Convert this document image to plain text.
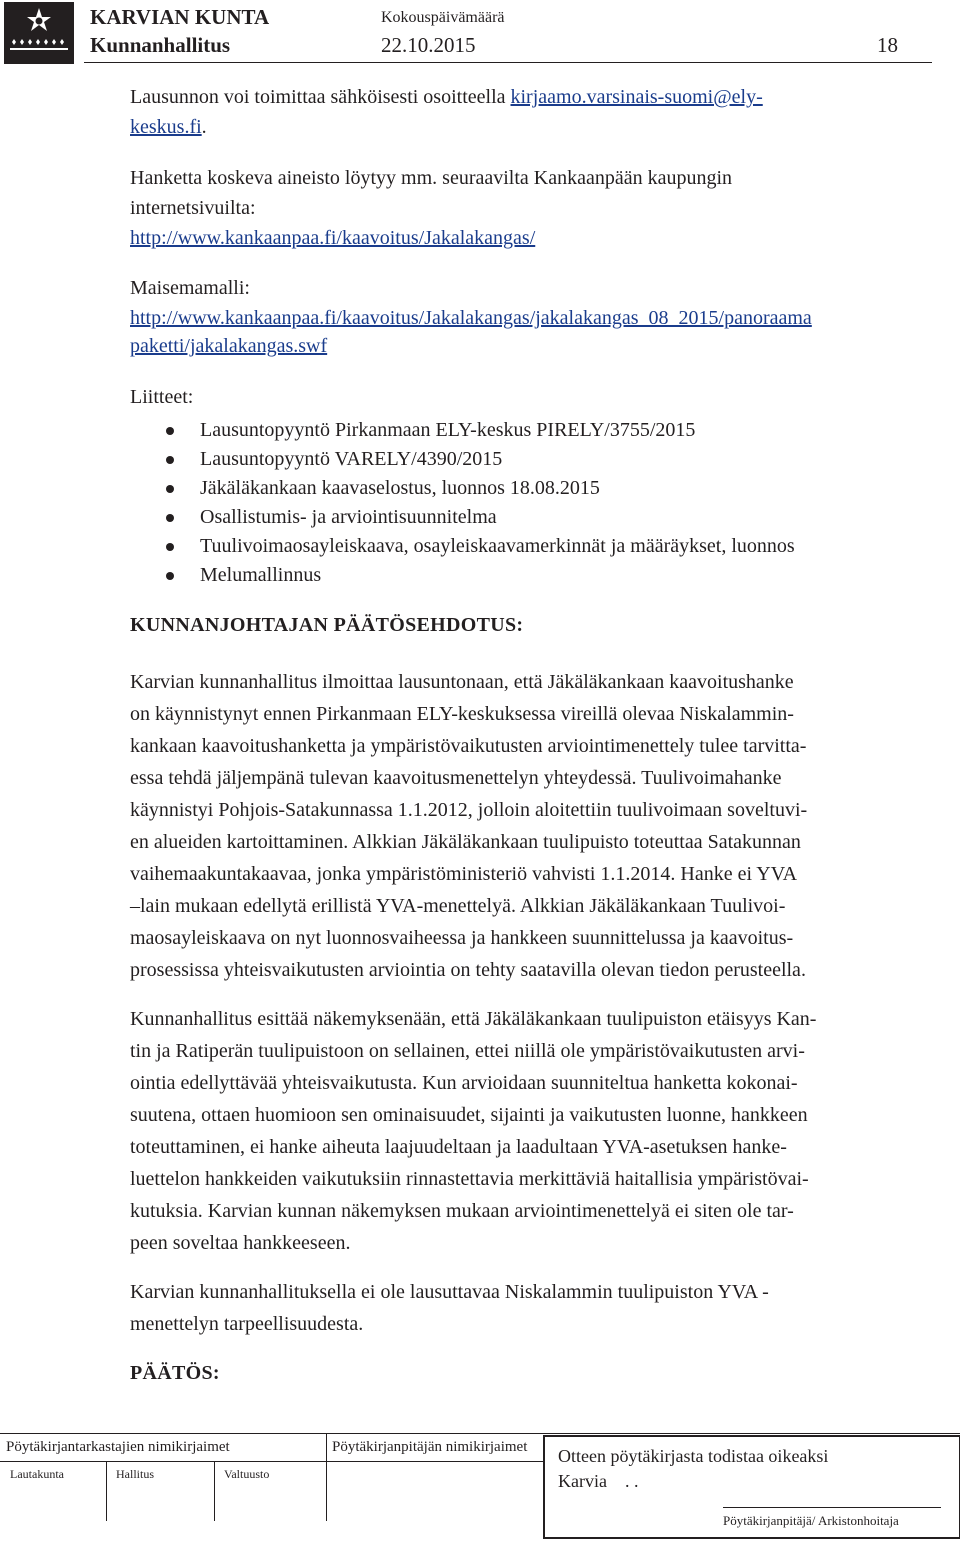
KARVIAN KUNTA
Kunnanhallitus
Kokouspäivämäärä
22.10.2015	18
Lausunnon voi toimittaa sähköisesti osoitteella kirjaamo.varsinais-suomi@ely-
keskus.fi.
Hanketta koskeva aineisto löytyy mm. seuraavilta Kankaanpään kaupungin
internetsivuilta:
http://www.kankaanpaa.fi/kaavoitus/Jakalakangas/
Maisemamalli:
http://www.kankaanpaa.fi/kaavoitus/Jakalakangas/jakalakangas_08_2015/panoraama
paketti/jakalakangas.swf
Liitteet:
Lausuntopyyntö Pirkanmaan ELY-keskus PIRELY/3755/2015
Lausuntopyyntö VARELY/4390/2015
Jäkäläkankaan kaavaselostus, luonnos 18.08.2015
Osallistumis- ja arviointisuunnitelma
Tuulivoimaosayleiskaava, osayleiskaavamerkinnät ja määräykset, luonnos
Melumallinnus
KUNNANJOHTAJAN PÄÄTÖSEHDOTUS:
Karvian kunnanhallitus ilmoittaa lausuntonaan, että Jäkäläkankaan kaavoitushanke
on käynnistynyt ennen Pirkanmaan ELY-keskuksessa vireillä olevaa Niskalammin-
kankaan kaavoitushanketta ja ympäristövaikutusten arviointimenettely tulee tarvitta-
essa tehdä jäljempänä tulevan kaavoitusmenettelyn yhteydessä. Tuulivoimahanke
käynnistyi Pohjois-Satakunnassa 1.1.2012, jolloin aloitettiin tuulivoimaan soveltuvi-
en alueiden kartoittaminen. Alkkian Jäkäläkankaan tuulipuisto toteuttaa Satakunnan
vaihemaakuntakaavaa, jonka ympäristöministeriö vahvisti 1.1.2014. Hanke ei YVA
–lain mukaan edellytä erillistä YVA-menettelyä. Alkkian Jäkäläkankaan Tuulivoi-
maosayleiskaava on nyt luonnosvaiheessa ja hankkeen suunnittelussa ja kaavoitus-
prosessissa yhteisvaikutusten arviointia on tehty saatavilla olevan tiedon perusteella.
Kunnanhallitus esittää näkemyksenään, että Jäkäläkankaan tuulipuiston etäisyys Kan-
tin ja Ratiperän tuulipuistoon on sellainen, ettei niillä ole ympäristövaikutusten arvi-
ointia edellyttävää yhteisvaikutusta. Kun arvioidaan suunniteltua hanketta kokonai-
suutena, ottaen huomioon sen ominaisuudet, sijainti ja vaikutusten luonne, hankkeen
toteuttaminen, ei hanke aiheuta laajuudeltaan ja laadultaan YVA-asetuksen hanke-
luettelon hankkeiden vaikutuksiin rinnastettavia merkittäviä haitallisia ympäristövai-
kutuksia. Karvian kunnan näkemyksen mukaan arviointimenettelyä ei siten ole tar-
peen soveltaa hankkeeseen.
Karvian kunnanhallituksella ei ole lausuttavaa Niskalammin tuulipuiston YVA -
menettelyn tarpeellisuudesta.
PÄÄTÖS:
Pöytäkirjantarkastajien nimikirjaimet	Pöytäkirjanpitäjän nimikirjaimet
Lautakunta	Hallitus	Valtuusto
Otteen pöytäkirjasta todistaa oikeaksi
Karvia . .
Pöytäkirjanpitäjä/ Arkistonhoitaja
